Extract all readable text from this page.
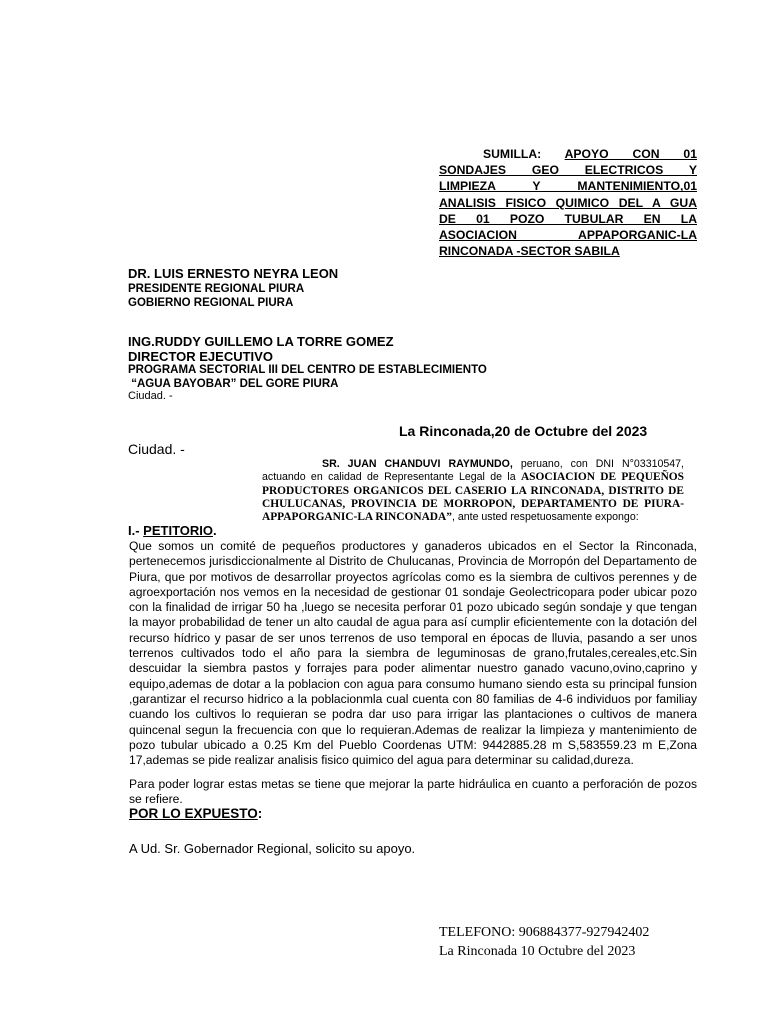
SUMILLA: APOYO CON 01
SONDAJES GEO ELECTRICOS Y
LIMPIEZA Y MANTENIMIENTO,01
ANALISIS FISICO QUIMICO DEL A GUA
DE 01 POZO TUBULAR EN LA
ASOCIACION APPAPORGANIC-LA
RINCONADA -SECTOR SABILA
DR. LUIS ERNESTO NEYRA LEON
PRESIDENTE REGIONAL PIURA
GOBIERNO REGIONAL PIURA
ING.RUDDY GUILLEMO LA TORRE GOMEZ
DIRECTOR EJECUTIVO
PROGRAMA SECTORIAL III DEL CENTRO DE ESTABLECIMIENTO
“AGUA BAYOBAR” DEL GORE PIURA
Ciudad. -
La Rinconada,20 de Octubre del 2023
Ciudad. -
SR. JUAN CHANDUVI RAYMUNDO, peruano, con DNI N°03310547, actuando en calidad de Representante Legal de la ASOCIACION DE PEQUEÑOS PRODUCTORES ORGANICOS DEL CASERIO LA RINCONADA, DISTRITO DE CHULUCANAS, PROVINCIA DE MORROPON, DEPARTAMENTO DE PIURA-APPAPORGANIC-LA RINCONADA”, ante usted respetuosamente expongo:
I.- PETITORIO.
Que somos un comité de pequeños productores y ganaderos ubicados en el Sector la Rinconada, pertenecemos jurisdiccionalmente al Distrito de Chulucanas, Provincia de Morropón del Departamento de Piura, que por motivos de desarrollar proyectos agrícolas como es la siembra de cultivos perennes y de agroexportación nos vemos en la necesidad de gestionar 01 sondaje Geolectricopara poder ubicar pozo con la finalidad de irrigar 50 ha ,luego se necesita perforar 01 pozo ubicado según sondaje y que tengan la mayor probabilidad de tener un alto caudal de agua para así cumplir eficientemente con la dotación del recurso hídrico y pasar de ser unos terrenos de uso temporal en épocas de lluvia, pasando a ser unos terrenos cultivados todo el año para la siembra de leguminosas de grano,frutales,cereales,etc.Sin descuidar la siembra pastos y forrajes para poder alimentar nuestro ganado vacuno,ovino,caprino y equipo,ademas de dotar a la poblacion con agua para consumo humano siendo esta su principal funsion ,garantizar el recurso hidrico a la poblacionmla cual cuenta con 80 familias de 4-6 individuos por familiay cuando los cultivos lo requieran se podra dar uso para irrigar las plantaciones o cultivos de manera quincenal segun la frecuencia con que lo requieran.Ademas de realizar la limpieza y mantenimiento de pozo tubular ubicado a 0.25 Km del Pueblo Coordenas UTM: 9442885.28 m S,583559.23 m E,Zona 17,ademas se pide realizar analisis fisico quimico del agua para determinar su calidad,dureza.
Para poder lograr estas metas se tiene que mejorar la parte hidráulica en cuanto a perforación de pozos se refiere.
POR LO EXPUESTO:
A Ud. Sr. Gobernador Regional, solicito su apoyo.
TELEFONO: 906884377-927942402
La Rinconada 10 Octubre del 2023
